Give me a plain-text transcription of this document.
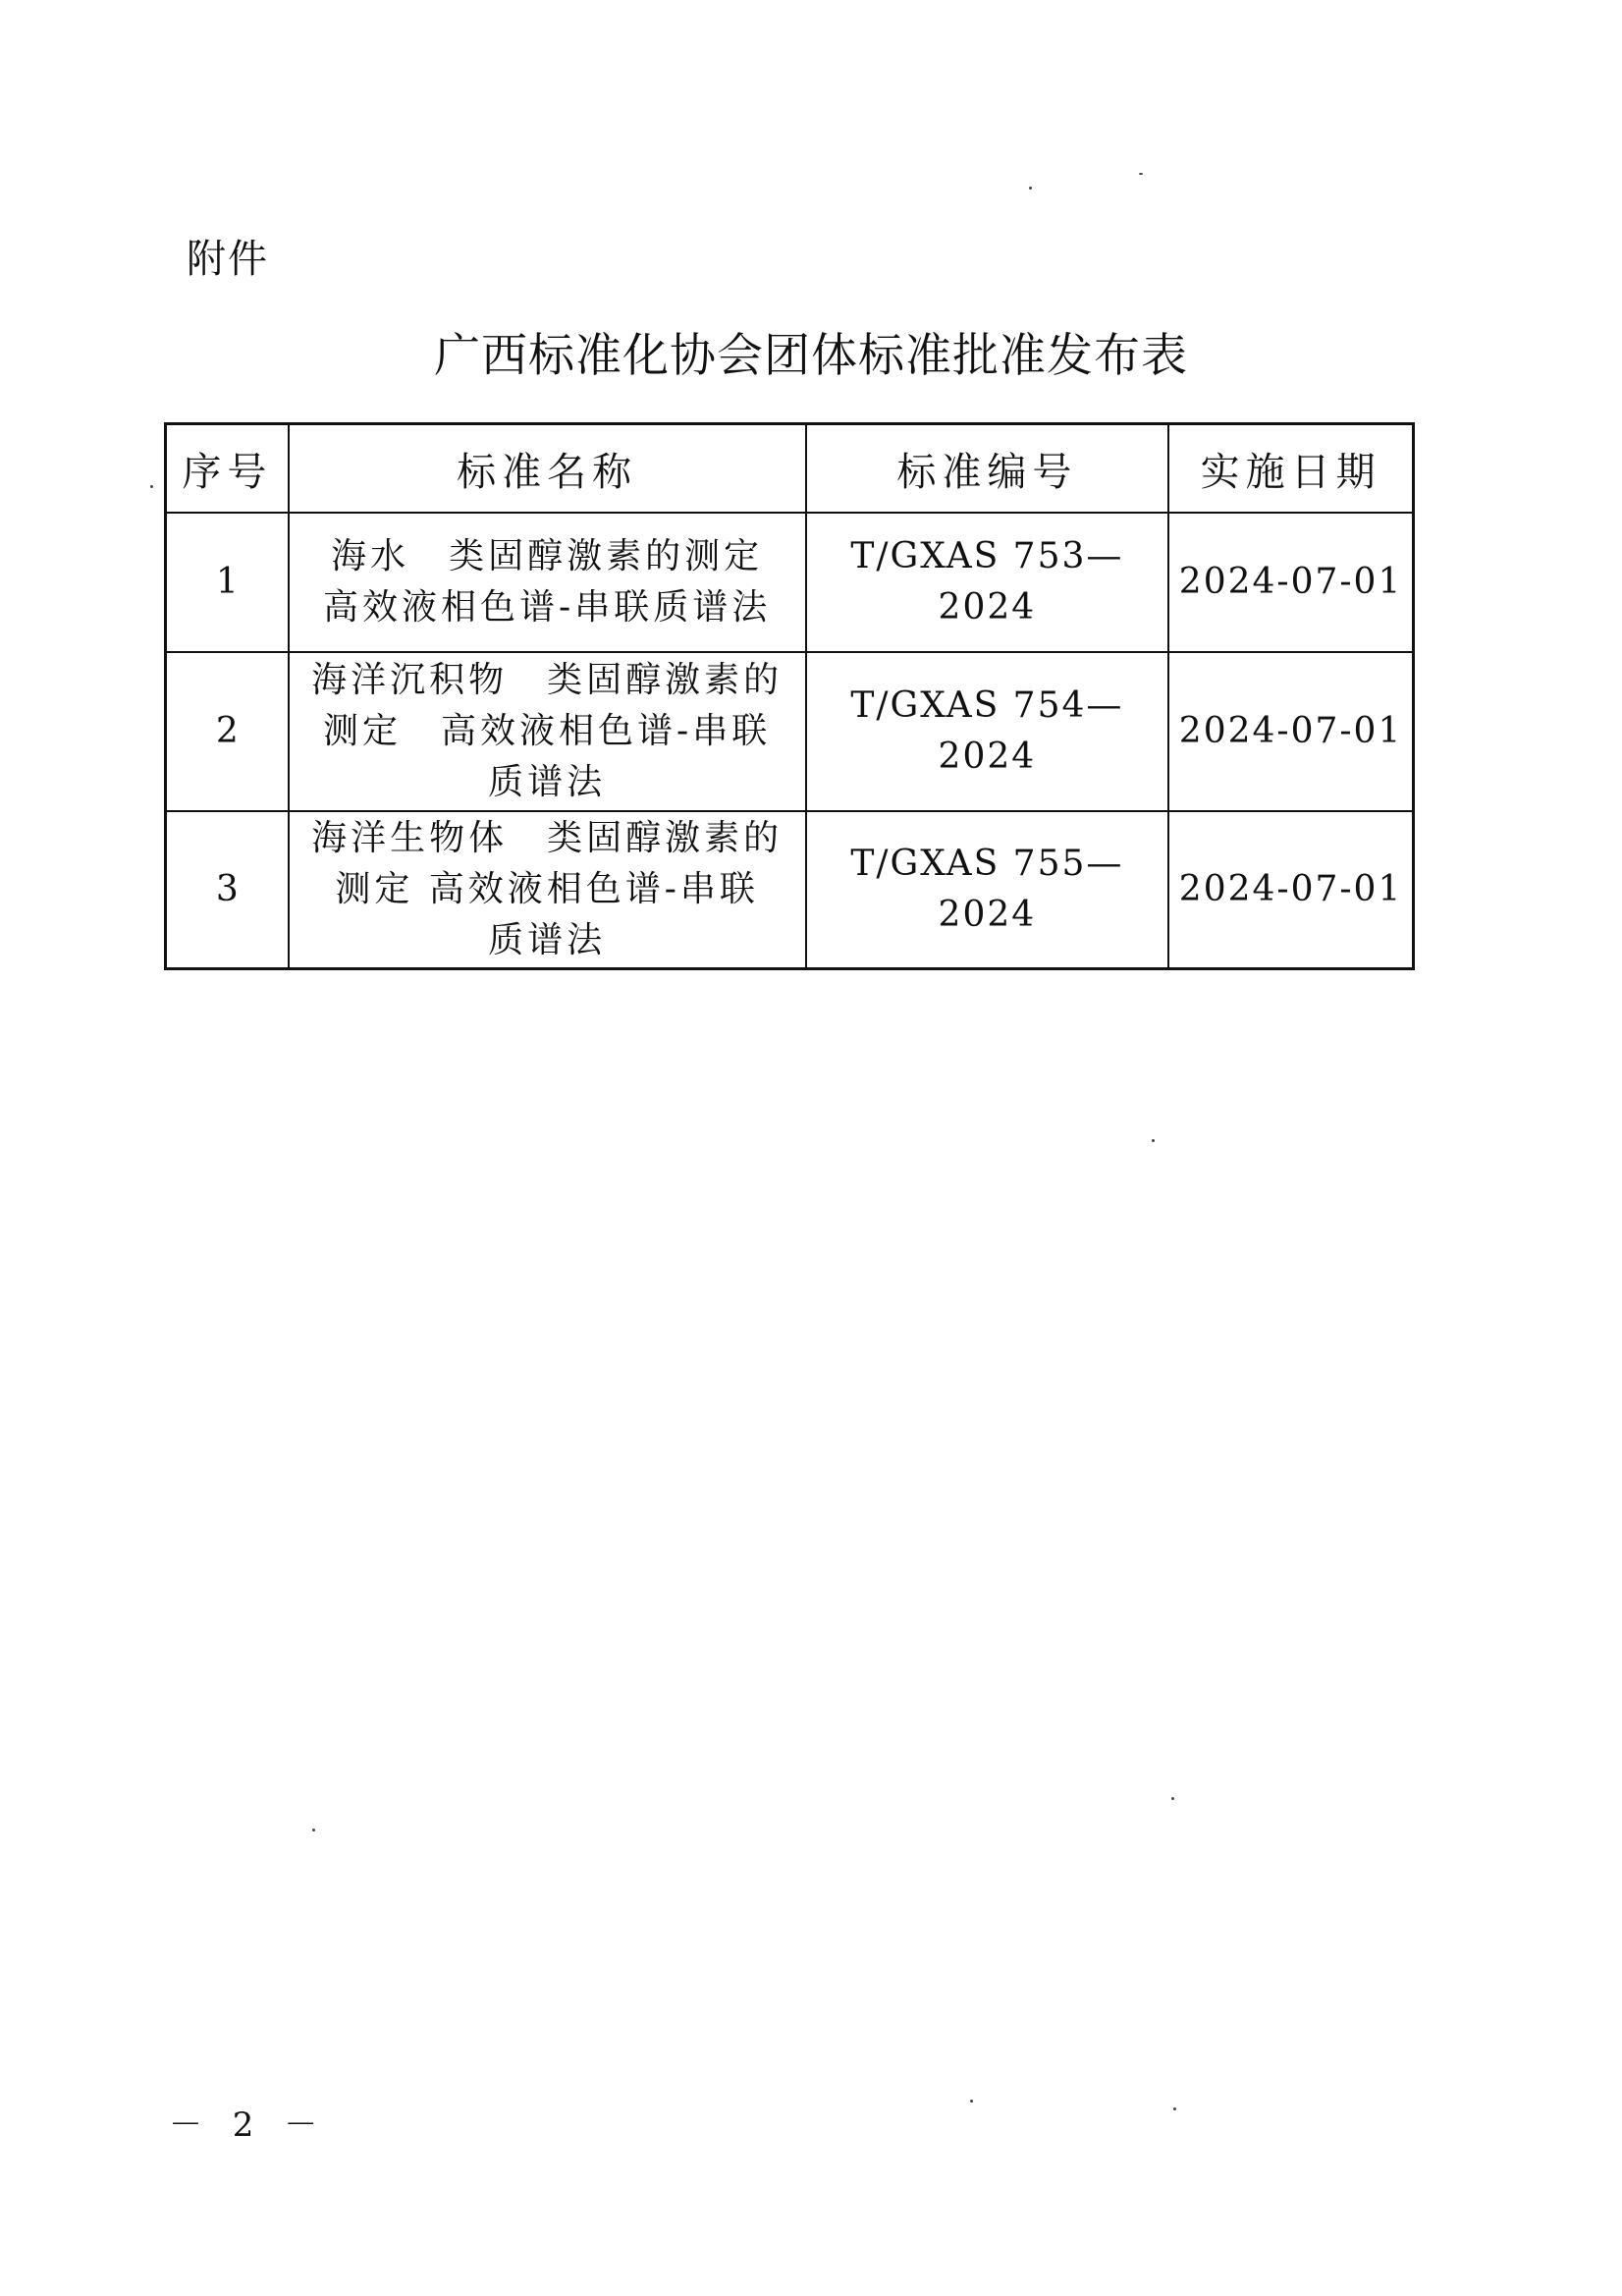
附件
广西标准化协会团体标准批准发布表
序号	标准名称	标准编号	实施日期
1	海水　类固醇激素的测定
高效液相色谱-串联质谱法	T/GXAS 753—2024	2024-07-01
2	海洋沉积物　类固醇激素的
测定　高效液相色谱-串联
质谱法	T/GXAS 754—2024	2024-07-01
3	海洋生物体　类固醇激素的
测定 高效液相色谱-串联
质谱法	T/GXAS 755—2024	2024-07-01
－ 2 －
